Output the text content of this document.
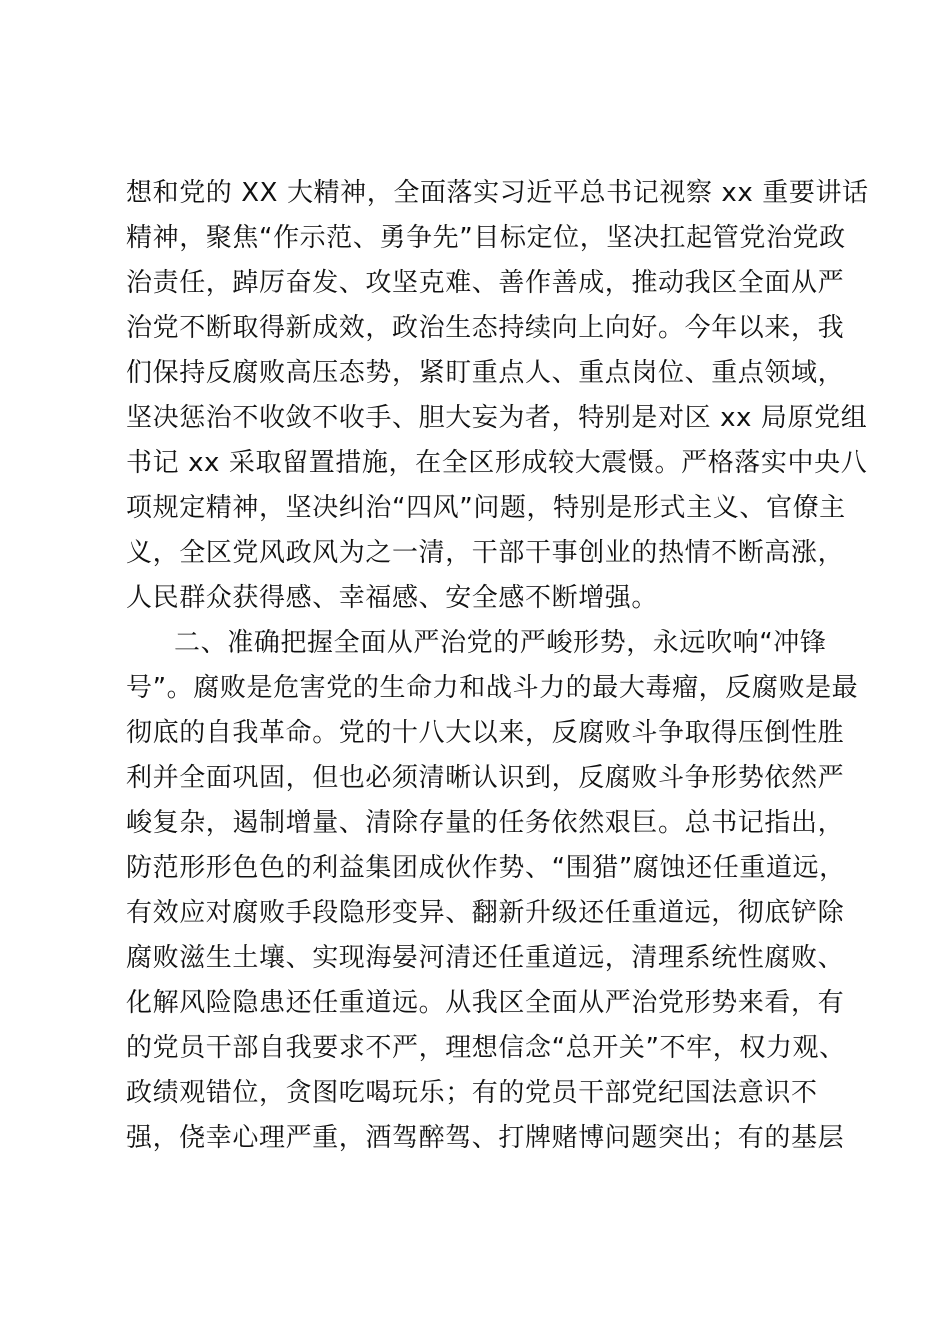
想和党的 XX 大精神，全面落实习近平总书记视察 xx 重要讲话
精神，聚焦“作示范、勇争先”目标定位，坚决扛起管党治党政
治责任，踔厉奋发、攻坚克难、善作善成，推动我区全面从严
治党不断取得新成效，政治生态持续向上向好。今年以来，我
们保持反腐败高压态势，紧盯重点人、重点岗位、重点领域，
坚决惩治不收敛不收手、胆大妄为者，特别是对区 xx 局原党组
书记 xx 采取留置措施，在全区形成较大震慑。严格落实中央八
项规定精神，坚决纠治“四风”问题，特别是形式主义、官僚主
义，全区党风政风为之一清，干部干事创业的热情不断高涨，
人民群众获得感、幸福感、安全感不断增强。
二、准确把握全面从严治党的严峻形势，永远吹响“冲锋
号”。腐败是危害党的生命力和战斗力的最大毒瘤，反腐败是最
彻底的自我革命。党的十八大以来，反腐败斗争取得压倒性胜
利并全面巩固，但也必须清晰认识到，反腐败斗争形势依然严
峻复杂，遏制增量、清除存量的任务依然艰巨。总书记指出，
防范形形色色的利益集团成伙作势、“围猎”腐蚀还任重道远，
有效应对腐败手段隐形变异、翻新升级还任重道远，彻底铲除
腐败滋生土壤、实现海晏河清还任重道远，清理系统性腐败、
化解风险隐患还任重道远。从我区全面从严治党形势来看，有
的党员干部自我要求不严，理想信念“总开关”不牢，权力观、
政绩观错位，贪图吃喝玩乐；有的党员干部党纪国法意识不
强，侥幸心理严重，酒驾醉驾、打牌赌博问题突出；有的基层
